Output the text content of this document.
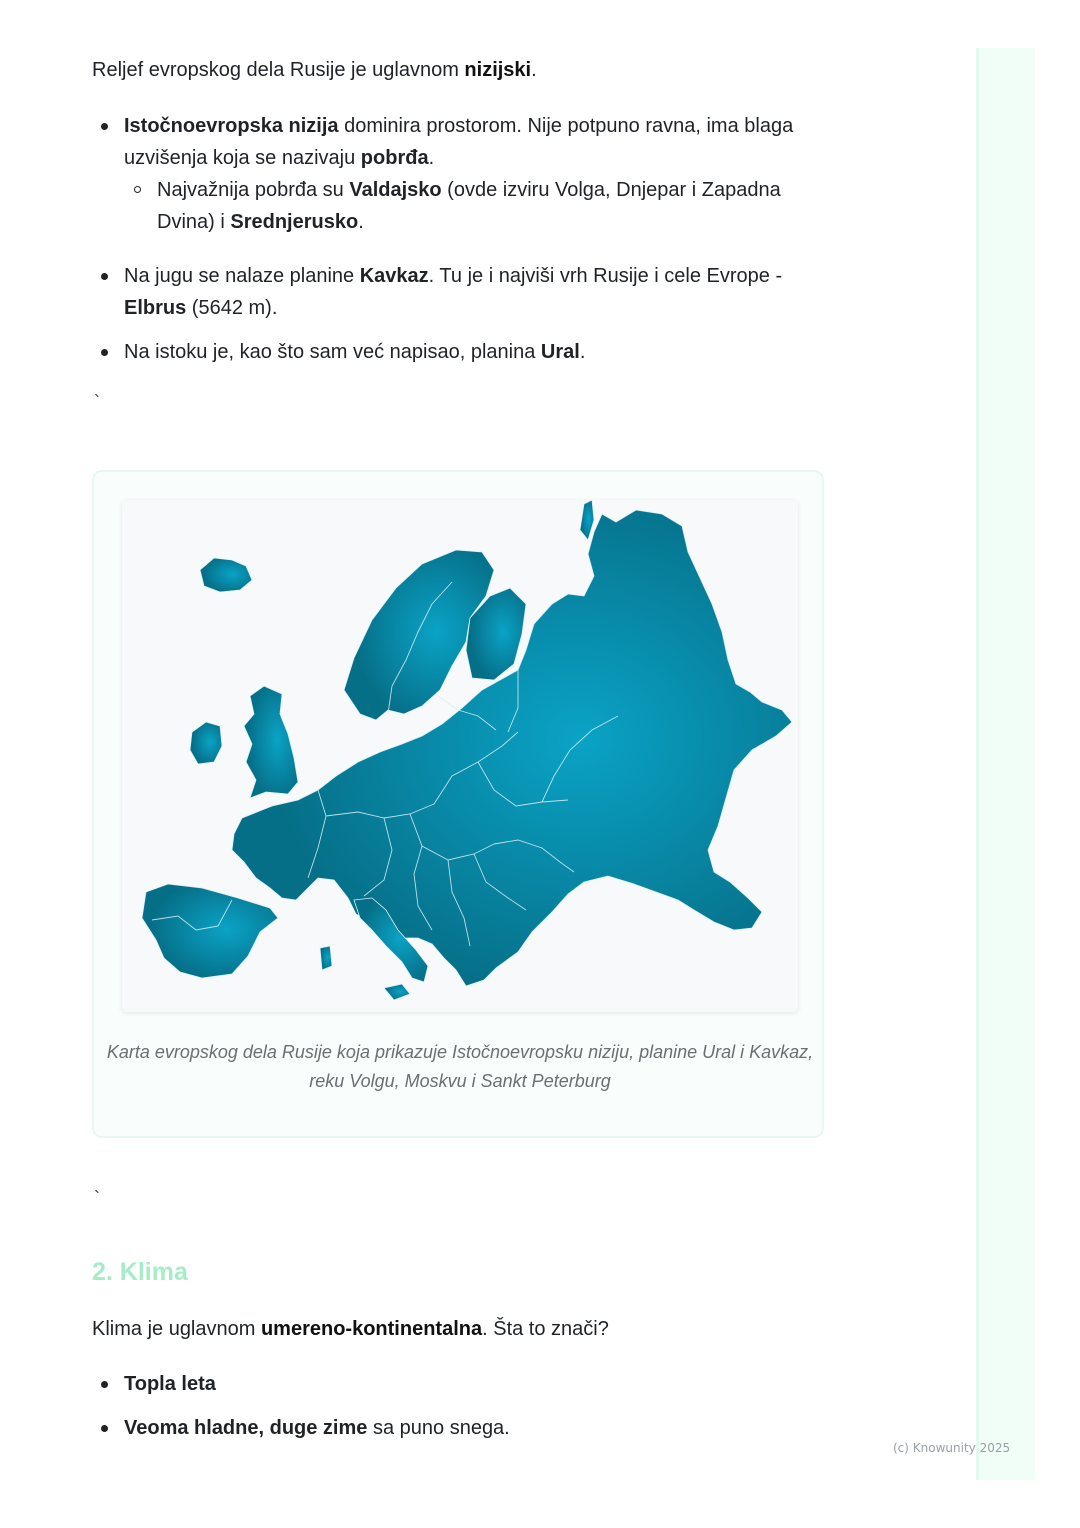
Reljef evropskog dela Rusije je uglavnom nizijski.

Istočnoevropska nizija dominira prostorom. Nije potpuno ravna, ima blaga uzvišenja koja se nazivaju pobrđa.
Najvažnija pobrđa su Valdajsko (ovde izviru Volga, Dnjepar i Zapadna Dvina) i Srednjerusko.
Na jugu se nalaze planine Kavkaz. Tu je i najviši vrh Rusije i cele Evrope - Elbrus (5642 m).
Na istoku je, kao što sam već napisao, planina Ural.
`
Karta evropskog dela Rusije koja prikazuje Istočnoevropsku niziju, planine Ural i Kavkaz, reku Volgu, Moskvu i Sankt Peterburg
`
2. Klima

Klima je uglavnom umereno-kontinentalna. Šta to znači?

Topla leta
Veoma hladne, duge zime sa puno snega.
(c) Knowunity 2025
